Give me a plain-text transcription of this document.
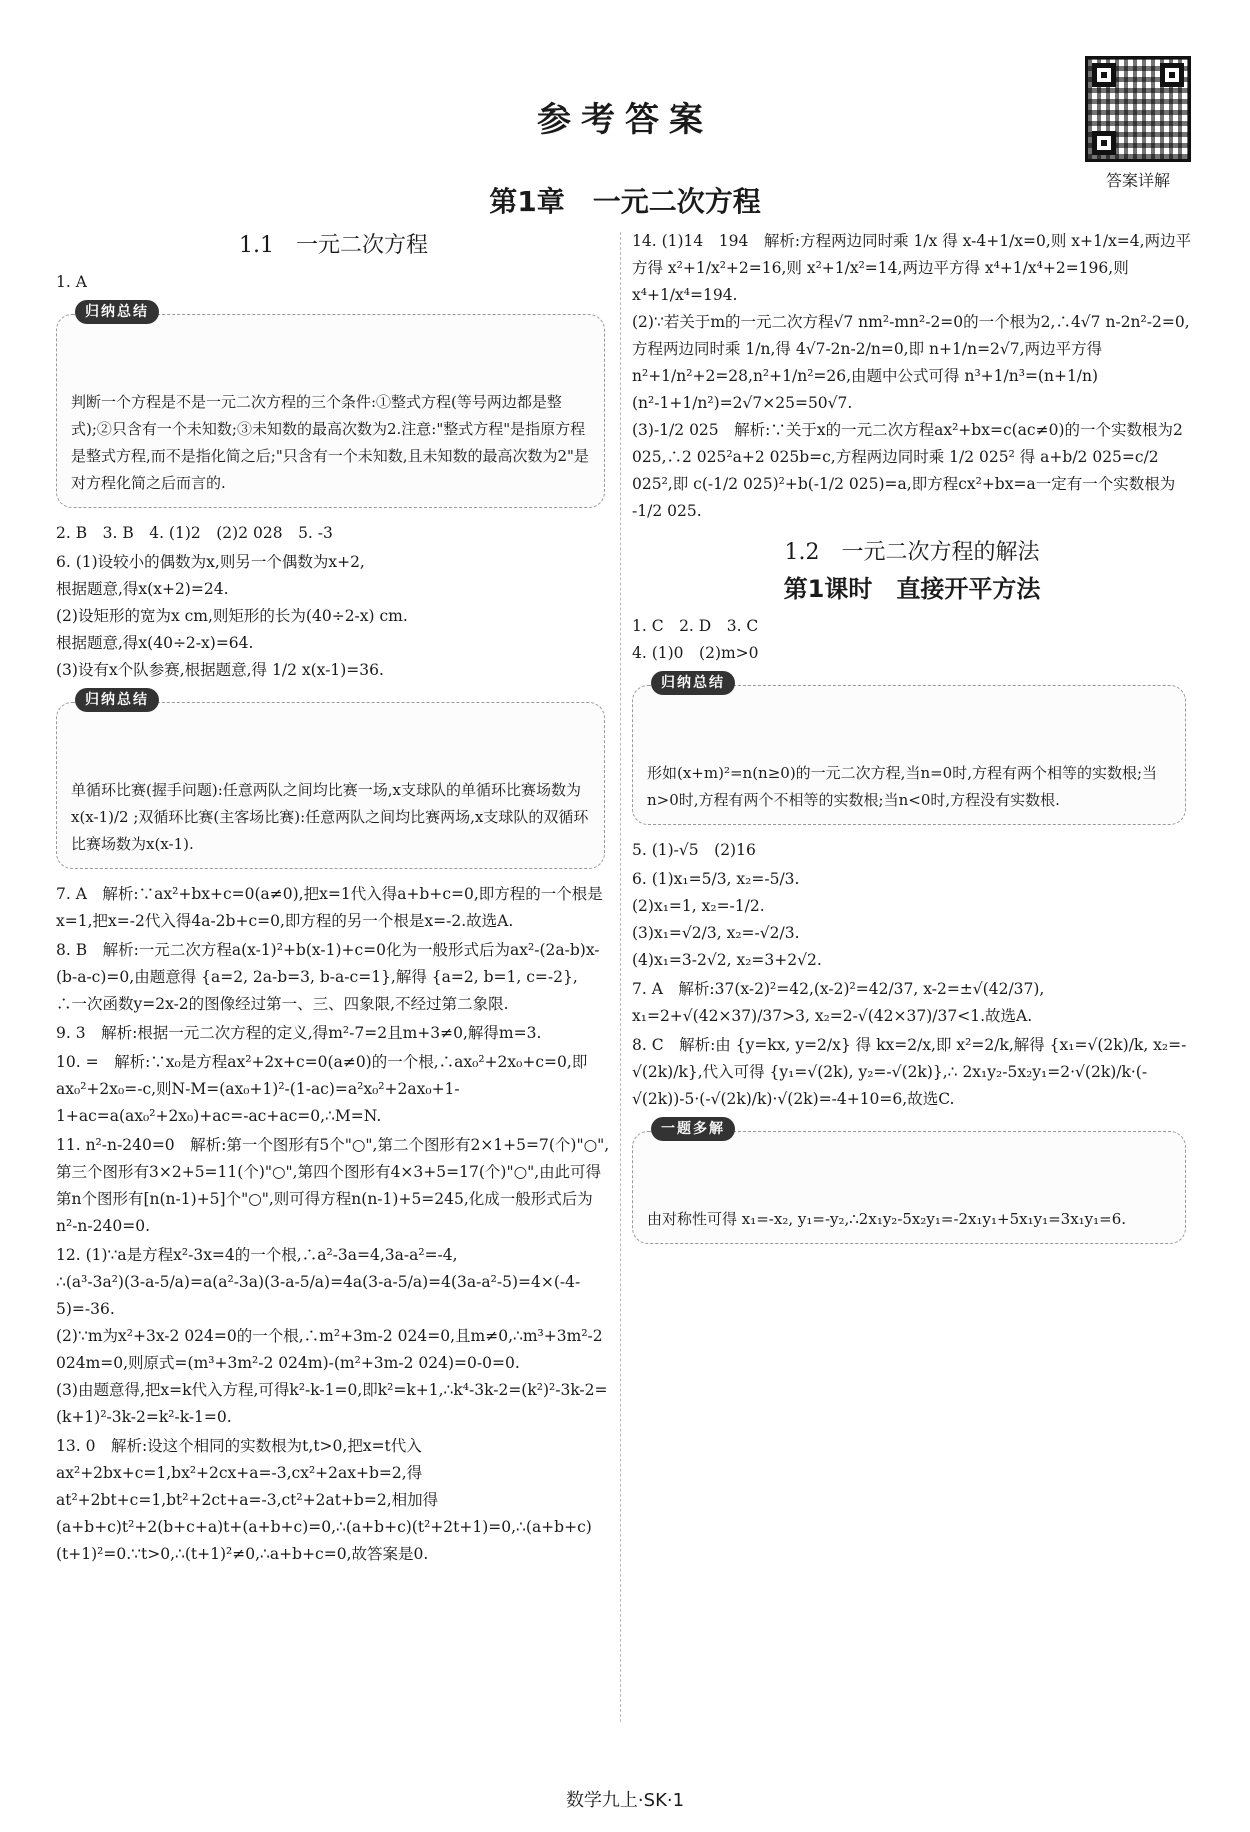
参考答案
答案详解
第1章　一元二次方程
1.1　一元二次方程
1. A

归纳总结

判断一个方程是不是一元二次方程的三个条件:①整式方程(等号两边都是整式);②只含有一个未知数;③未知数的最高次数为2.注意:"整式方程"是指原方程是整式方程,而不是指化简之后;"只含有一个未知数,且未知数的最高次数为2"是对方程化简之后而言的.

2. B　3. B　4. (1)2　(2)2 028　5. -3
6. (1)设较小的偶数为x,则另一个偶数为x+2,
根据题意,得x(x+2)=24.
(2)设矩形的宽为x cm,则矩形的长为(40÷2-x) cm.
根据题意,得x(40÷2-x)=64.
(3)设有x个队参赛,根据题意,得 1/2 x(x-1)=36.

归纳总结

单循环比赛(握手问题):任意两队之间均比赛一场,x支球队的单循环比赛场数为 x(x-1)/2 ;双循环比赛(主客场比赛):任意两队之间均比赛两场,x支球队的双循环比赛场数为x(x-1).

7. A　解析:∵ax²+bx+c=0(a≠0),把x=1代入得a+b+c=0,即方程的一个根是x=1,把x=-2代入得4a-2b+c=0,即方程的另一个根是x=-2.故选A.
8. B　解析:一元二次方程a(x-1)²+b(x-1)+c=0化为一般形式后为ax²-(2a-b)x-(b-a-c)=0,由题意得 {a=2, 2a-b=3, b-a-c=1},解得 {a=2, b=1, c=-2},
∴一次函数y=2x-2的图像经过第一、三、四象限,不经过第二象限.
9. 3　解析:根据一元二次方程的定义,得m²-7=2且m+3≠0,解得m=3.
10. =　解析:∵x₀是方程ax²+2x+c=0(a≠0)的一个根,∴ax₀²+2x₀+c=0,即ax₀²+2x₀=-c,则N-M=(ax₀+1)²-(1-ac)=a²x₀²+2ax₀+1-1+ac=a(ax₀²+2x₀)+ac=-ac+ac=0,∴M=N.
11. n²-n-240=0　解析:第一个图形有5个"○",第二个图形有2×1+5=7(个)"○",第三个图形有3×2+5=11(个)"○",第四个图形有4×3+5=17(个)"○",由此可得第n个图形有[n(n-1)+5]个"○",则可得方程n(n-1)+5=245,化成一般形式后为n²-n-240=0.
12. (1)∵a是方程x²-3x=4的一个根,∴a²-3a=4,3a-a²=-4,
∴(a³-3a²)(3-a-5/a)=a(a²-3a)(3-a-5/a)=4a(3-a-5/a)=4(3a-a²-5)=4×(-4-5)=-36.
(2)∵m为x²+3x-2 024=0的一个根,∴m²+3m-2 024=0,且m≠0,∴m³+3m²-2 024m=0,则原式=(m³+3m²-2 024m)-(m²+3m-2 024)=0-0=0.
(3)由题意得,把x=k代入方程,可得k²-k-1=0,即k²=k+1,∴k⁴-3k-2=(k²)²-3k-2=(k+1)²-3k-2=k²-k-1=0.
13. 0　解析:设这个相同的实数根为t,t>0,把x=t代入ax²+2bx+c=1,bx²+2cx+a=-3,cx²+2ax+b=2,得at²+2bt+c=1,bt²+2ct+a=-3,ct²+2at+b=2,相加得(a+b+c)t²+2(b+c+a)t+(a+b+c)=0,∴(a+b+c)(t²+2t+1)=0,∴(a+b+c)(t+1)²=0.∵t>0,∴(t+1)²≠0,∴a+b+c=0,故答案是0.
14. (1)14　194　解析:方程两边同时乘 1/x 得 x-4+1/x=0,则 x+1/x=4,两边平方得 x²+1/x²+2=16,则 x²+1/x²=14,两边平方得 x⁴+1/x⁴+2=196,则 x⁴+1/x⁴=194.
(2)∵若关于m的一元二次方程√7 nm²-mn²-2=0的一个根为2,∴4√7 n-2n²-2=0,方程两边同时乘 1/n,得 4√7-2n-2/n=0,即 n+1/n=2√7,两边平方得 n²+1/n²+2=28,n²+1/n²=26,由题中公式可得 n³+1/n³=(n+1/n)(n²-1+1/n²)=2√7×25=50√7.
(3)-1/2 025　解析:∵关于x的一元二次方程ax²+bx=c(ac≠0)的一个实数根为2 025,∴2 025²a+2 025b=c,方程两边同时乘 1/2 025² 得 a+b/2 025=c/2 025²,即 c(-1/2 025)²+b(-1/2 025)=a,即方程cx²+bx=a一定有一个实数根为 -1/2 025.
1.2　一元二次方程的解法
第1课时　直接开平方法
1. C　2. D　3. C
4. (1)0　(2)m>0

归纳总结

形如(x+m)²=n(n≥0)的一元二次方程,当n=0时,方程有两个相等的实数根;当n>0时,方程有两个不相等的实数根;当n<0时,方程没有实数根.

5. (1)-√5　(2)16
6. (1)x₁=5/3, x₂=-5/3.
(2)x₁=1, x₂=-1/2.
(3)x₁=√2/3, x₂=-√2/3.
(4)x₁=3-2√2, x₂=3+2√2.
7. A　解析:37(x-2)²=42,(x-2)²=42/37, x-2=±√(42/37), x₁=2+√(42×37)/37>3, x₂=2-√(42×37)/37<1.故选A.
8. C　解析:由 {y=kx, y=2/x} 得 kx=2/x,即 x²=2/k,解得 {x₁=√(2k)/k, x₂=-√(2k)/k},代入可得 {y₁=√(2k), y₂=-√(2k)},∴ 2x₁y₂-5x₂y₁=2·√(2k)/k·(-√(2k))-5·(-√(2k)/k)·√(2k)=-4+10=6,故选C.

一题多解

由对称性可得 x₁=-x₂, y₁=-y₂,∴2x₁y₂-5x₂y₁=-2x₁y₁+5x₁y₁=3x₁y₁=6.

数学九上·SK·1
